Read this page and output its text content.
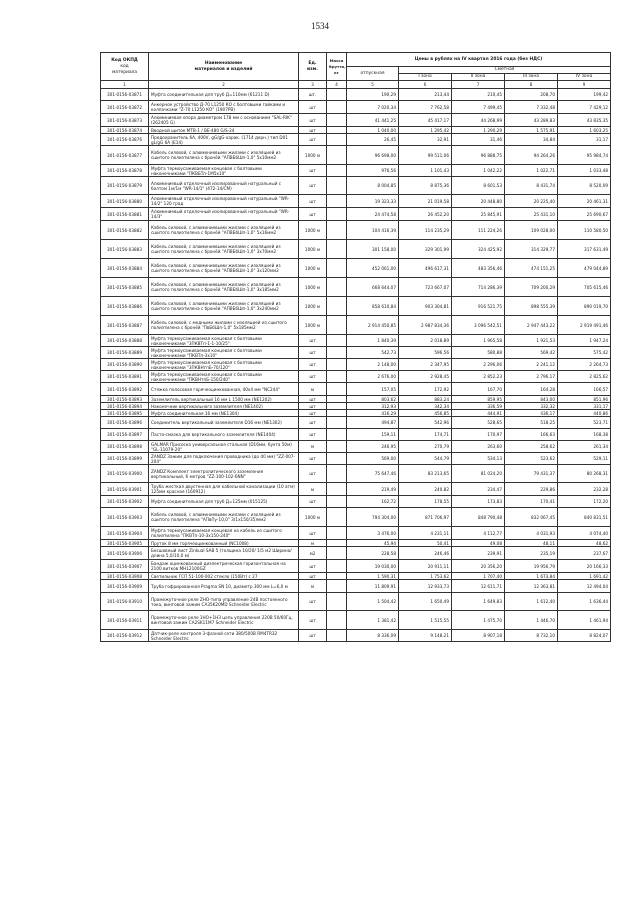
1534
Код ОКПД
код
материала	Наименование
материалов и изделий	Ед.
изм.	Масса
брутто,
кг	Цены в рублях на IV квартал 2016 года (без НДС)				
				отпускная	Сметная			
					I зона	II зона	III зона	IV зона
1	2	3	4	5	6	7	8	9
301-0156-03871	Муфта соединительная для труб Д=110мм (61211 D)	шт.		190,29	213,44	210,45	208,70	199,42
301-0156-03872	Анкерное устройство Д-70 L1250 КО с болтовыми гайками и колпачками "Z-70 L1250 КО" (1907PB)	шт		7 020,34	7 762,58	7 499,45	7 332,48	7 429,12
301-0156-03873	Алюминиевая опора диаметром 178 мм с основанием "SAL-RIK" (262405 G)	шт		41 441,25	45 417,17	44 268,99	43 289,83	43 835,35
301-0156-03874	Вводной щиток МТВ-1 / ВЕ-480 G/S-24	шт		1 040,00	1 295,42	1 290,29	1 575,91	1 603,25
301-0156-03876	Предохранитель 6А, 400V, gG/gG-харак. (1714 дерн.) тип D01 gL/gG 6A (E14)	шт		26,45	32,91	31,46	34,84	31,17
301-0156-03877	Кабель силовой, с алюминиевыми жилами с изоляцией из сшитого полиэтилена с бронёй "АПВБбШп-1,0" 5x10мм2	1000 м		96 698,00	99 511,06	96 888,75	94 264,26	95 984,74
301-0156-03878	Муфта термоусаживаемая концевая с болтовыми наконечниками "ПКВБТп-1М5x10"	шт		976,56	1 101,43	1 042,22	1 022,71	1 033,48
301-0156-03879	Алюминиевый отделочный изолированный натуральный с болтом 1м/1м "WR-14/1" (472-14/CM)	шт		8 004,85	8 875,36	8 601,53	8 431,74	8 520,09
301-0156-03880	Алюминиевый отделочный изолированный натуральный "WR-14/2" 120 град	шт		19 323,33	21 019,58	20 448,80	20 225,40	20 461,31
301-0156-03881	Алюминиевый отделочный изолированный натуральный "WR-14/3"	шт		24 474,58	26 452,20	25 845,91	25 431,10	25 690,67
301-0156-03882	Кабель силовой, с алюминиевыми жилами с изоляцией из сшитого полиэтилена с бронёй "АПВБбШп-1,0" 5x16мм2	1000 м		104 416,39	114 235,29	111 224,26	109 028,00	110 580,50
301-0156-03883	Кабель силовой, с алюминиевыми жилами с изоляцией из сшитого полиэтилена с бронёй "АПВБбШп-1,0" 3x70мм2	1000 м		301 158,00	329 301,99	324 425,92	314 329,77	317 631,49
301-0156-03884	Кабель силовой, с алюминиевыми жилами с изоляцией из сшитого полиэтилена с бронёй "АПВБбШп-1,0" 3x120мм2	1000 м		452 061,00	496 617,31	483 356,46	474 151,25	479 044,89
301-0156-03885	Кабель силовой, с алюминиевыми жилами с изоляцией из сшитого полиэтилена с бронёй "АПВБбШп-1,0" 3x185мм2	1000 м		668 644,07	723 667,07	714 286,39	709 200,29	705 615,46
301-0156-03886	Кабель силовой, с алюминиевыми жилами с изоляцией из сшитого полиэтилена с бронёй "АПВБбШп-1,0" 3x240мм2	1000 м		858 610,84	903 304,81	916 521,75	898 555,39	890 019,70
301-0156-03887	Кабель силовой, с медными жилами с изоляцией из сшитого полиэтилена с бронёй "ПвБбШп-1,0" 5x185мм2	1000 м		2 914 450,85	2 987 834,36	3 096 542,51	2 947 443,22	2 919 491,46
301-0156-03888	Муфта термоусаживаемая концевая с болтовыми наконечниками "3ПКВТп-1-1-10/25"	шт		1 840,39	2 018,89	1 965,58	1 921,53	1 947,24
301-0156-03889	Муфта термоусаживаемая концевая с болтовыми наконечниками "ПКВТп-3x10"	шт		542,73	596,56	580,88	569,42	575,42
301-0156-03890	Муфта термоусаживаемая концевая с болтовыми наконечниками "3ПКВНтпБ-70/120"	шт		2 148,00	2 347,95	2 296,06	2 241,12	2 264,73
301-0156-03891	Муфта термоусаживаемая концевая с болтовыми наконечниками "ПКВНтпБ-150/240"	шт		2 676,00	2 928,45	2 852,23	2 796,17	2 825,62
301-0156-03892	Стяжка полосовая горячеоцинкованная, 40x4 мм "NC244"	м		157,05	172,92	167,70	164,28	166,57
301-0156-03893	Заземлитель вертикальный 16 мм L 1500 мм (NE1202)	шт		803,62	883,24	859,95	843,00	851,96
301-0156-03894	Наконечник вертикального заземлителя (NE1402)	шт		312,93	342,34	336,59	332,32	331,17
301-0156-03895	Муфта соединительная 16 мм (NE1304)	шт		416,29	456,85	444,91	436,17	440,86
301-0156-03896	Соединитель вертикальный заземлителя D16 мм (NE1302)	шт		494,87	542,96	528,65	518,25	523,71
301-0156-03897	Паста-смазка для вертикального заземлителя (NE1404)	шт		159,11	174,71	170,97	166,63	168,38
301-0156-03898	GALMAR Присоска универсальная стальная (D16мм, бухта 50м) "GL-11079-20"	м		246,95	270,79	263,60	258,62	261,34
301-0156-03899	ZANDZ Зажим для подключения проводника (до 40 мм) "ZZ-007-204"	шт		569,00	544,79	534,13	523,62	529,11
301-0156-03900	ZANDZ Комплект электролитического заземления вертикальный, 6 метров "ZZ-100-102-6NN"	шт		75 647,46	83 213,65	81 024,20	79 431,37	80 268,31
301-0156-03901	Труба жесткая двустенная для кабельной канализации (10 атм) 125мм красная (160912)	м		219,49	240,82	234,47	229,86	232,28
301-0156-03902	Муфта соединительная для труб Д=125мм (015125)	шт		162,72	178,55	173,83	170,41	172,20
301-0156-03903	Кабель силовой, с алюминиевыми жилами с изоляцией из сшитого полиэтилена "АПвПу-10,0" 3(1x150/35)мм2	1000 м		794 304,00	871 706,97	848 790,48	832 067,45	840 831,51
301-0156-03904	Муфта термоусаживаемая концевая на кабель из сшитого полиэтилена "ПКВТп-10-3x150-240"	шт		3 476,00	4 231,11	4 112,77	4 031,93	4 074,40
301-0156-03905	Пруток 8 мм горячеоцинкованный (NC1008)	м		45,94	50,41	49,08	48,11	48,62
301-0156-03906	Бесшовный лист Zinkual SAB 5 (толщина 10/20/ 1/5 м2 Ширина/длина 5,0/10,0 м)	м2		228,58	246,46	239,91	235,19	237,67
301-0156-03907	Бандаж оцинкованный диэлектрическая горизонтальная на 2100 витков МН12100GZ	шт		19 030,00	20 911,11	20 356,20	19 956,79	20 166,33
301-0156-03908	Светильник ГСП 51-100-002 стекло (150Вт) с 27	шт		1 590,31	1 753,62	1 707,40	1 673,84	1 691,42
301-0156-03909	Труба гофрированная Pragma SN 10, диаметр 300 мм L=6,0 м	м		11 809,91	12 933,73	12 611,71	12 363,81	12 494,04
301-0156-03910	Промежуточное реле ZHO-типа управление 24В постоянного тока, винтовой зажим CA35K20MD Schneider Electric	шт		1 504,42	1 650,49	1 649,83	1 612,40	1 636,44
301-0156-03911	Промежуточное реле 1НО+1НЗ цепь управления 220В 50/60Гц, винтовой зажим CA2SK11M7 Schneider Electric	шт		1 381,42	1 515,55	1 475,70	1 446,70	1 461,94
301-0156-03912	Датчик-реле контроля 3-фазной сети 380/500В RM4TR32 Schneider Electric	шт		8 336,09	9 148,21	8 907,18	8 732,10	8 824,07
